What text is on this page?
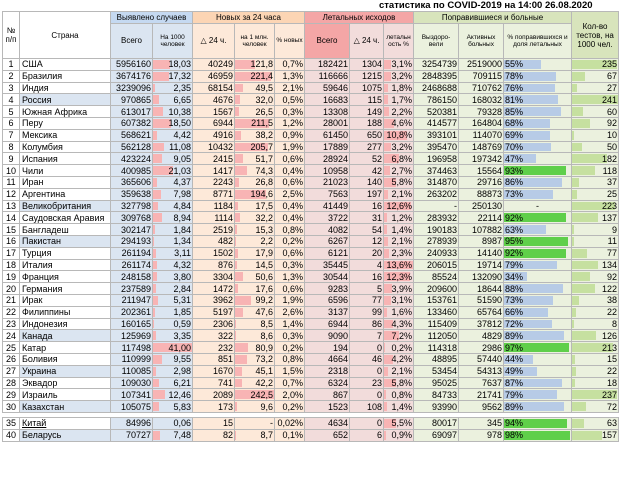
статистика по COVID-2019 на 14:00 26.08.2020
№ п/п	Страна	Выявлено случаев		Новых за 24 часа			Летальных исходов			Поправившиеся и больные			Кол-во тестов, на 1000 чел.
		Всего	На 1000 человек	△ 24 ч.	на 1 млн. человек	% новых	Всего	△ 24 ч.	летальн ость %	Выздоро-вели	Активных больных	% поправившихся и доля летальных	
1	США	5956160	18,03	40249	121,8	0,7%	182421	1304	3,1%	3254739	2519000	55%	235
2	Бразилия	3674176	17,32	46959	221,4	1,3%	116666	1215	3,2%	2848395	709115	78%	67
3	Индия	3239096	2,35	68154	49,5	2,1%	59646	1075	1,8%	2468688	710762	76%	27
4	Россия	970865	6,65	4676	32,0	0,5%	16683	115	1,7%	786150	168032	81%	241
5	Южная Африка	613017	10,38	1567	26,5	0,3%	13308	149	2,2%	520381	79328	85%	60
6	Перу	607382	18,50	6944	211,5	1,2%	28001	188	4,6%	414577	164804	68%	92
7	Мексика	568621	4,42	4916	38,2	0,9%	61450	650	10,8%	393101	114070	69%	10
8	Колумбия	562128	11,08	10432	205,7	1,9%	17889	277	3,2%	395470	148769	70%	50
9	Испания	423224	9,05	2415	51,7	0,6%	28924	52	6,8%	196958	197342	47%	182
10	Чили	400985	21,03	1417	74,3	0,4%	10958	42	2,7%	374463	15564	93%	118
11	Иран	365606	4,37	2243	26,8	0,6%	21023	140	5,8%	314870	29716	86%	37
12	Аргентина	359638	7,98	8771	194,6	2,5%	7563	197	2,1%	263202	88873	73%	25
13	Великобритания	327798	4,84	1184	17,5	0,4%	41449	16	12,6%	-	250130	-	223
14	Саудовская Аравия	309768	8,94	1114	32,2	0,4%	3722	31	1,2%	283932	22114	92%	137
15	Бангладеш	302147	1,84	2519	15,3	0,8%	4082	54	1,4%	190183	107882	63%	9
16	Пакистан	294193	1,34	482	2,2	0,2%	6267	12	2,1%	278939	8987	95%	11
17	Турция	261194	3,11	1502	17,9	0,6%	6121	20	2,3%	240933	14140	92%	77
18	Италия	261174	4,32	876	14,5	0,3%	35445	4	13,6%	206015	19714	79%	134
19	Франция	248158	3,80	3304	50,6	1,3%	30544	16	12,3%	85524	132090	34%	92
20	Германия	237589	2,84	1472	17,6	0,6%	9283	5	3,9%	209600	18644	88%	122
21	Ирак	211947	5,31	3962	99,2	1,9%	6596	77	3,1%	153761	51590	73%	38
22	Филиппины	202361	1,85	5197	47,6	2,6%	3137	99	1,6%	133460	65764	66%	22
23	Индонезия	160165	0,59	2306	8,5	1,4%	6944	86	4,3%	115409	37812	72%	8
24	Канада	125969	3,35	322	8,6	0,3%	9090	7	7,2%	112050	4829	89%	126
25	Катар	117498	41,00	232	80,9	0,2%	194	0	0,2%	114318	2986	97%	213
26	Боливия	110999	9,55	851	73,2	0,8%	4664	46	4,2%	48895	57440	44%	15
27	Украина	110085	2,98	1670	45,1	1,5%	2318	0	2,1%	53454	54313	49%	22
28	Эквадор	109030	6,21	741	42,2	0,7%	6324	23	5,8%	95025	7637	87%	18
29	Израиль	107341	12,46	2089	242,5	2,0%	867	0	0,8%	84733	21741	79%	237
30	Казахстан	105075	5,83	173	9,6	0,2%	1523	108	1,4%	93990	9562	89%	72

35	Китай	84996	0,06	15	-	0,02%	4634	0	5,5%	80017	345	94%	63
40	Беларусь	70727	7,48	82	8,7	0,1%	652	6	0,9%	69097	978	98%	157
